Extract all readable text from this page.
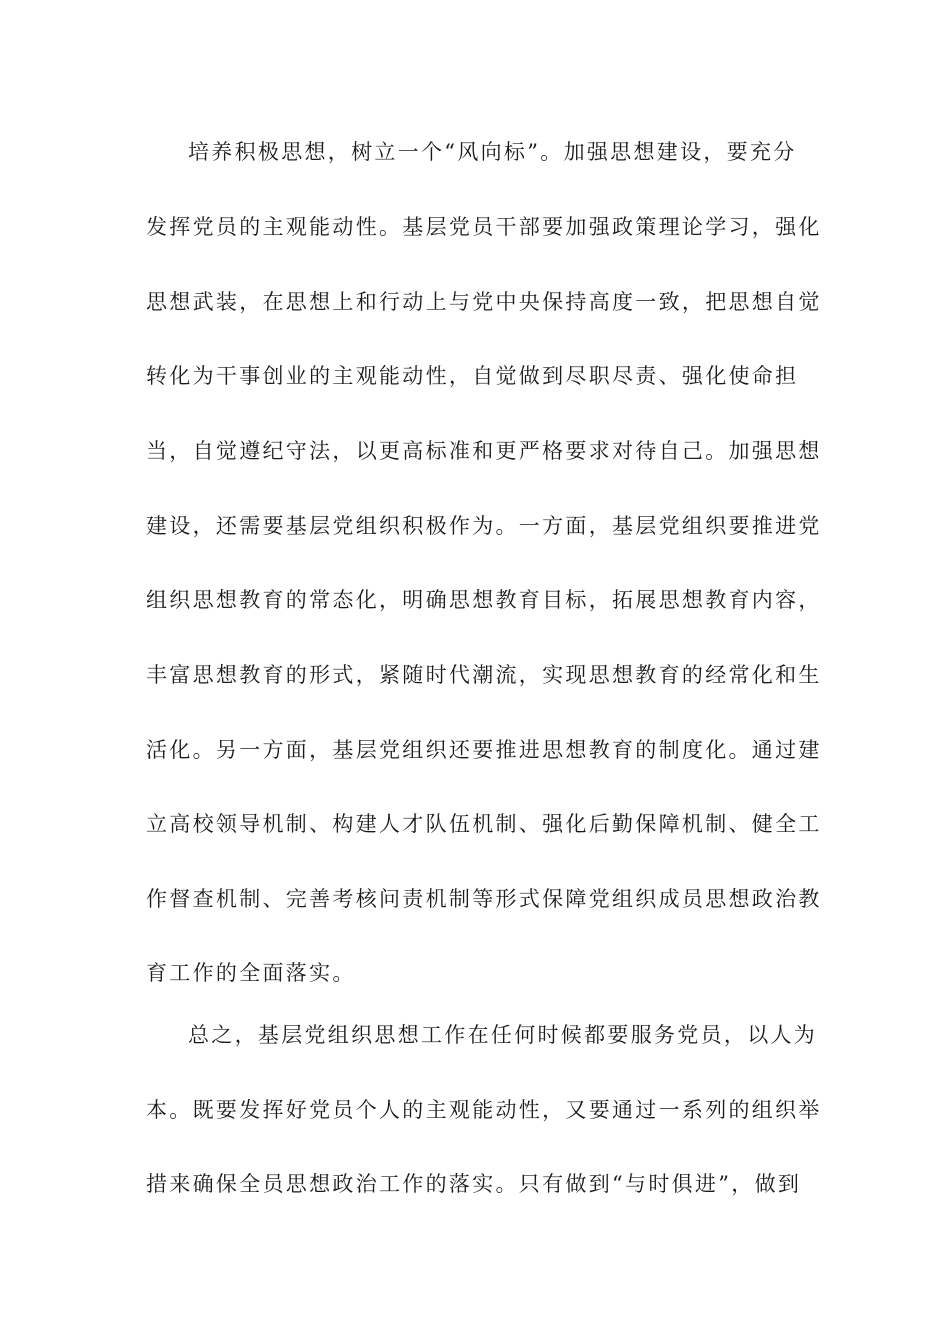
培养积极思想，树立一个“风向标”。加强思想建设，要充分
发挥党员的主观能动性。基层党员干部要加强政策理论学习，强化
思想武装，在思想上和行动上与党中央保持高度一致，把思想自觉
转化为干事创业的主观能动性，自觉做到尽职尽责、强化使命担
当，自觉遵纪守法，以更高标准和更严格要求对待自己。加强思想
建设，还需要基层党组织积极作为。一方面，基层党组织要推进党
组织思想教育的常态化，明确思想教育目标，拓展思想教育内容，
丰富思想教育的形式，紧随时代潮流，实现思想教育的经常化和生
活化。另一方面，基层党组织还要推进思想教育的制度化。通过建
立高校领导机制、构建人才队伍机制、强化后勤保障机制、健全工
作督查机制、完善考核问责机制等形式保障党组织成员思想政治教
育工作的全面落实。
总之，基层党组织思想工作在任何时候都要服务党员，以人为
本。既要发挥好党员个人的主观能动性，又要通过一系列的组织举
措来确保全员思想政治工作的落实。只有做到“与时俱进”，做到
